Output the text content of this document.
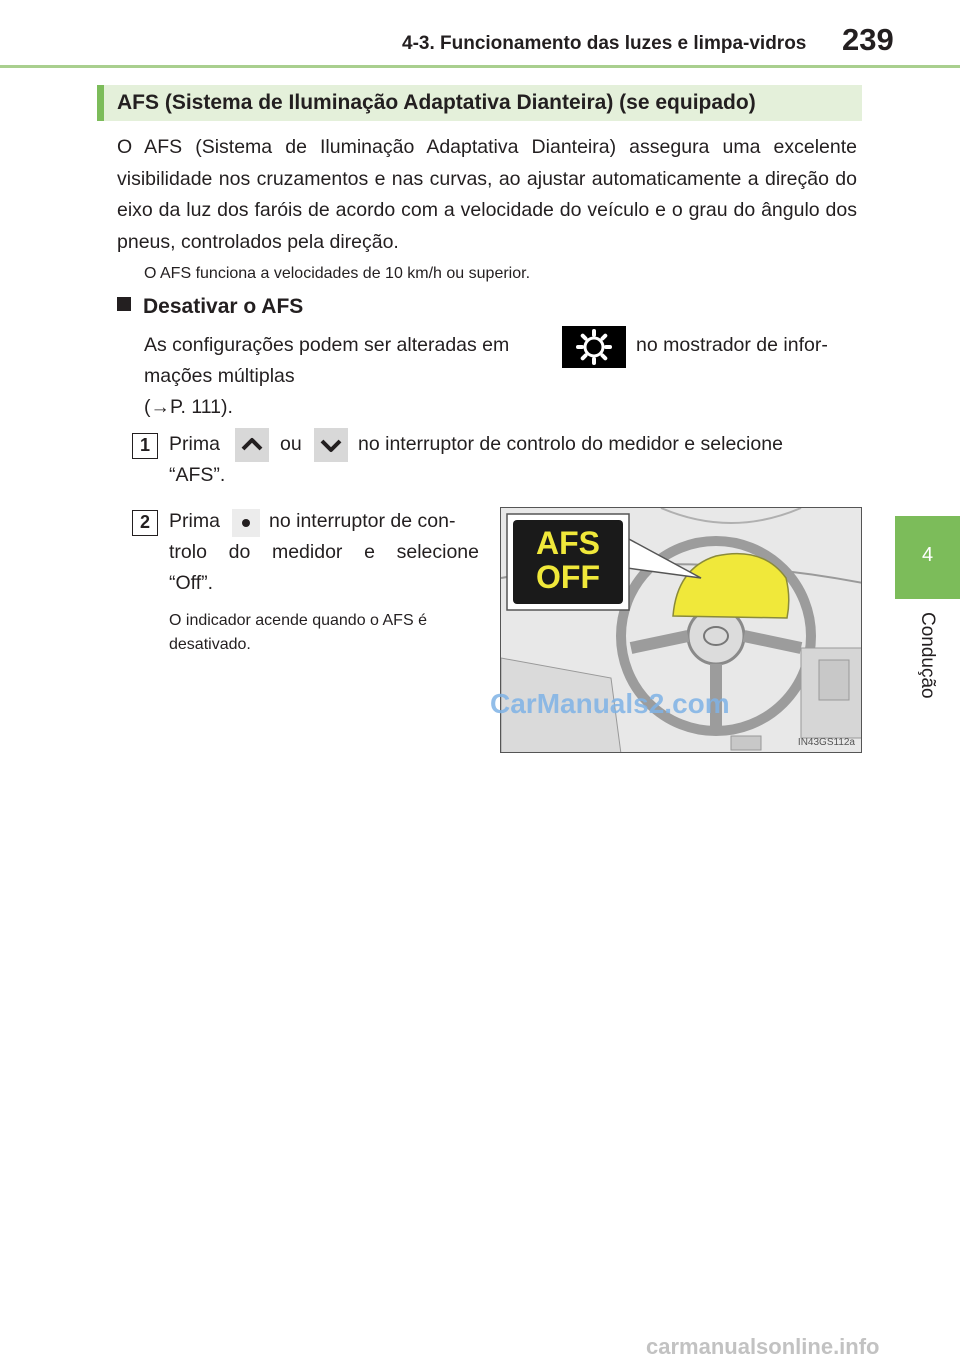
4-3. Funcionamento das luzes e limpa-vidros 239
4
Condução
AFS (Sistema de Iluminação Adaptativa Dianteira) (se equipado)

O AFS (Sistema de Iluminação Adaptativa Dianteira) assegura uma excelente visibilidade nos cruzamentos e nas curvas, ao ajustar automaticamente a direção do eixo da luz dos faróis de acordo com a velocidade do veículo e o grau do ângulo dos pneus, controlados pela direção.

O AFS funciona a velocidades de 10 km/h ou superior.
Desativar o AFS
As configurações podem ser alteradas em	no mostrador de infor-
mações múltiplas
(→P. 111).
1 Prima	ou	no interruptor de controlo do medidor e selecione
“AFS”.
2 Prima	no interruptor de con-
trolo do medidor e selecione
“Off”.
O indicador acende quando o AFS é
desativado.
AFS
OFF
IN43GS112a
CarManuals2.com
carmanualsonline.info
